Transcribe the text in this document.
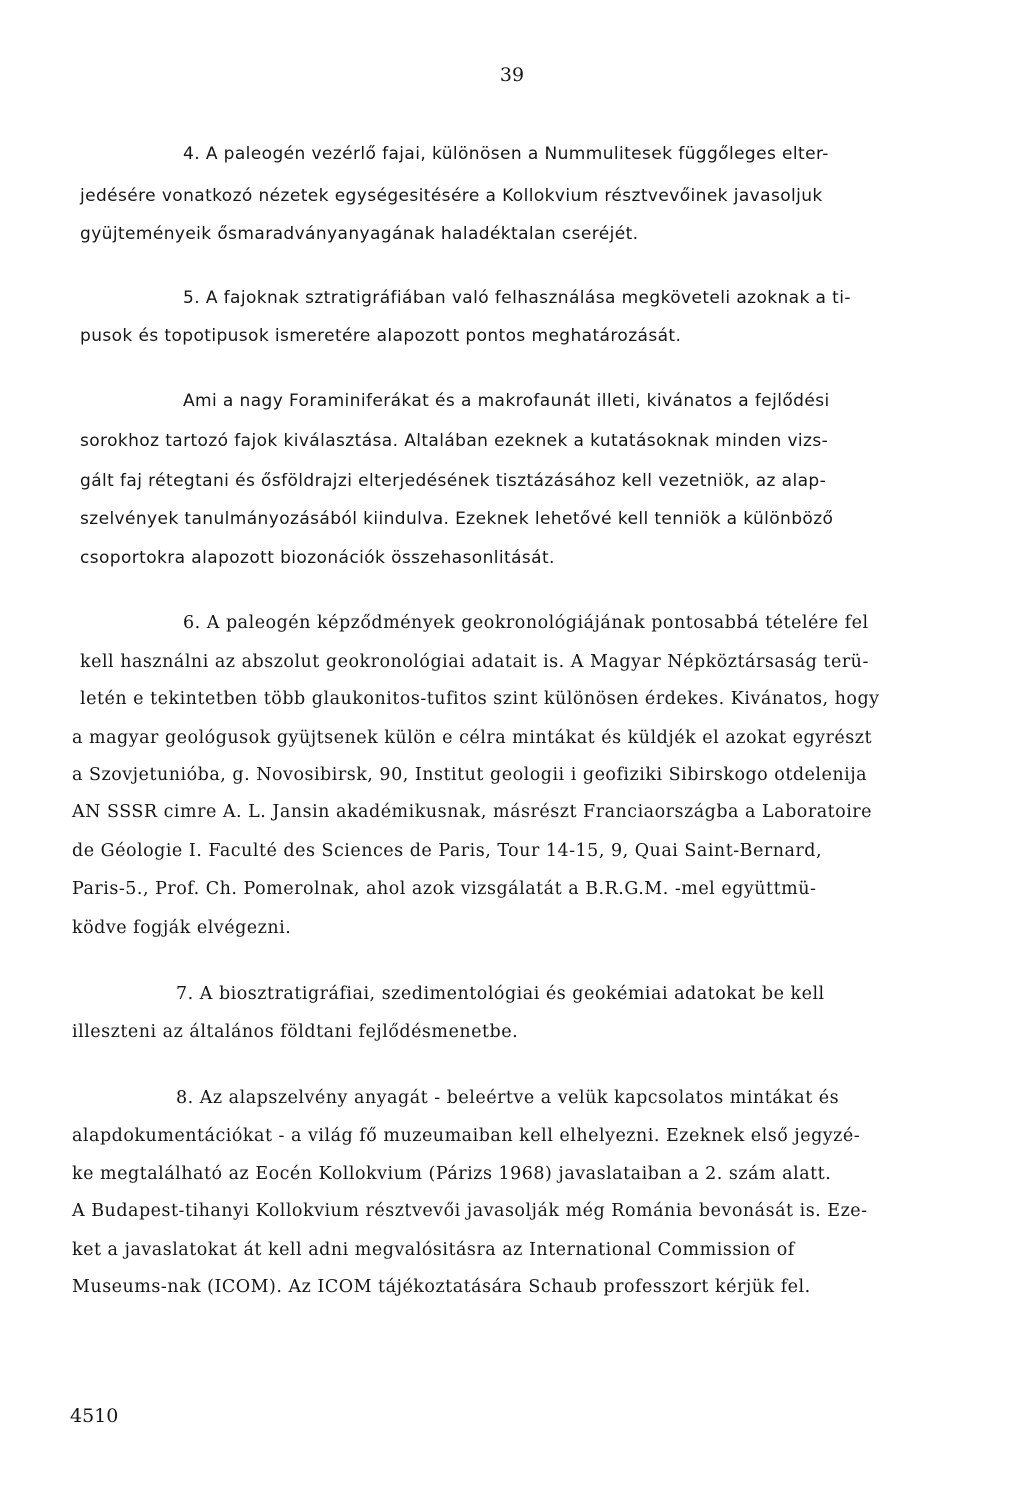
39
4. A paleogén vezérlő fajai, különösen a Nummulitesek függőleges elter-
jedésére vonatkozó nézetek egységesitésére a Kollokvium résztvevőinek javasoljuk
gyüjteményeik ősmaradványanyagának haladéktalan cseréjét.
5. A fajoknak sztratigráfiában való felhasználása megköveteli azoknak a ti-
pusok és topotipusok ismeretére alapozott pontos meghatározását.
Ami a nagy Foraminiferákat és a makrofaunát illeti, kivánatos a fejlődési
sorokhoz tartozó fajok kiválasztása. Altalában ezeknek a kutatásoknak minden vizs-
gált faj rétegtani és ősföldrajzi elterjedésének tisztázásához kell vezetniök, az alap-
szelvények tanulmányozásából kiindulva. Ezeknek lehetővé kell tenniök a különböző
csoportokra alapozott biozonációk összehasonlitását.
6. A paleogén képződmények geokronológiájának pontosabbá tételére fel
kell használni az abszolut geokronológiai adatait is. A Magyar Népköztársaság terü-
letén e tekintetben több glaukonitos-tufitos szint különösen érdekes. Kivánatos, hogy
a magyar geológusok gyüjtsenek külön e célra mintákat és küldjék el azokat egyrészt
a Szovjetunióba, g. Novosibirsk, 90, Institut geologii i geofiziki Sibirskogo otdelenija
AN SSSR cimre A. L. Jansin akadémikusnak, másrészt Franciaországba a Laboratoire
de Géologie I. Faculté des Sciences de Paris, Tour 14-15, 9, Quai Saint-Bernard,
Paris-5., Prof. Ch. Pomerolnak, ahol azok vizsgálatát a B.R.G.M. -mel együttmü-
ködve fogják elvégezni.
7. A biosztratigráfiai, szedimentológiai és geokémiai adatokat be kell
illeszteni az általános földtani fejlődésmenetbe.
8. Az alapszelvény anyagát - beleértve a velük kapcsolatos mintákat és
alapdokumentációkat - a világ fő muzeumaiban kell elhelyezni. Ezeknek első jegyzé-
ke megtalálható az Eocén Kollokvium (Párizs 1968) javaslataiban a 2. szám alatt.
A Budapest-tihanyi Kollokvium résztvevői javasolják még Románia bevonását is. Eze-
ket a javaslatokat át kell adni megvalósitásra az International Commission of
Museums-nak (ICOM). Az ICOM tájékoztatására Schaub professzort kérjük fel.
4510
